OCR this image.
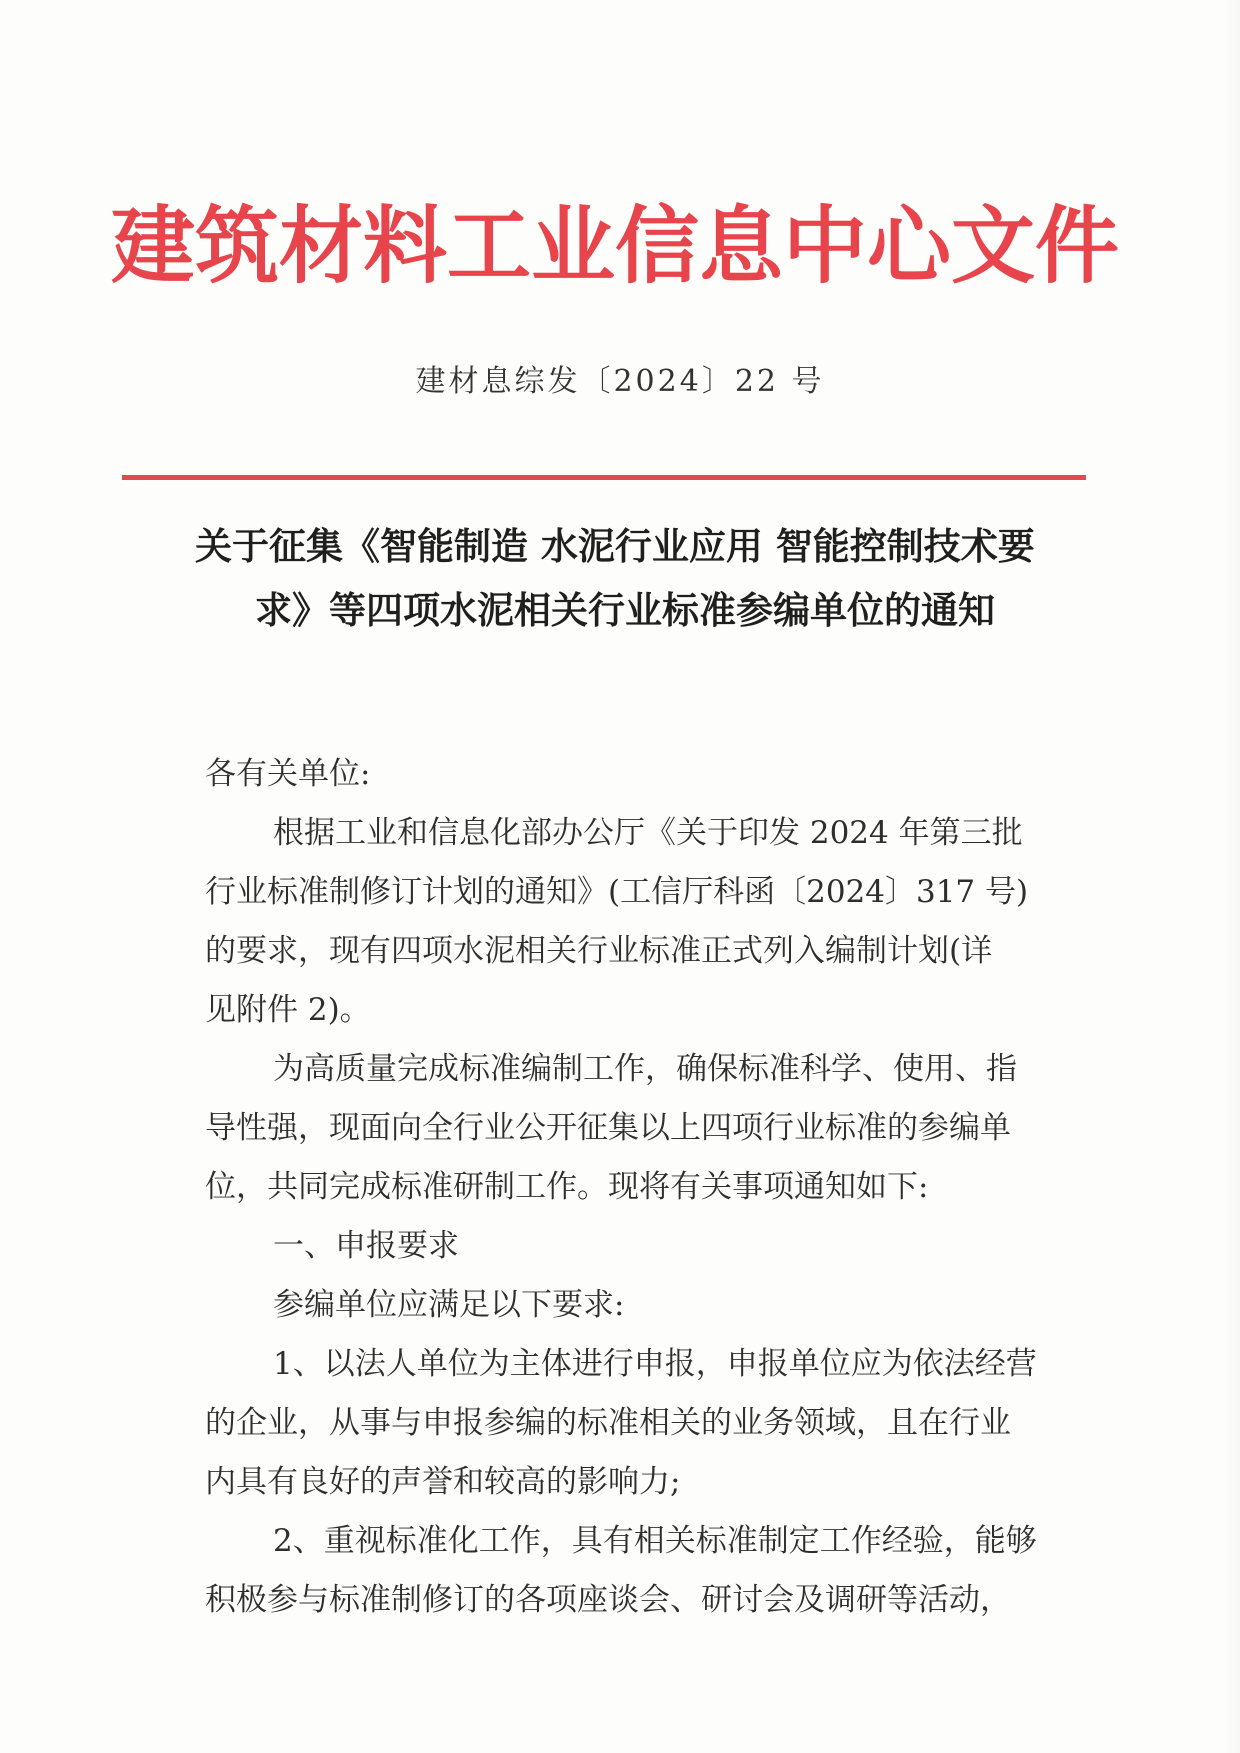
建筑材料工业信息中心文件
建材息综发〔2024〕22 号
关于征集《智能制造 水泥行业应用 智能控制技术要
求》等四项水泥相关行业标准参编单位的通知
各有关单位:
根据工业和信息化部办公厅《关于印发 2024 年第三批
行业标准制修订计划的通知》(工信厅科函〔2024〕317 号)
的要求，现有四项水泥相关行业标准正式列入编制计划(详
见附件 2)。
为高质量完成标准编制工作，确保标准科学、使用、指
导性强，现面向全行业公开征集以上四项行业标准的参编单
位，共同完成标准研制工作。现将有关事项通知如下:
一、申报要求
参编单位应满足以下要求:
1、以法人单位为主体进行申报，申报单位应为依法经营
的企业，从事与申报参编的标准相关的业务领域，且在行业
内具有良好的声誉和较高的影响力;
2、重视标准化工作，具有相关标准制定工作经验，能够
积极参与标准制修订的各项座谈会、研讨会及调研等活动，
